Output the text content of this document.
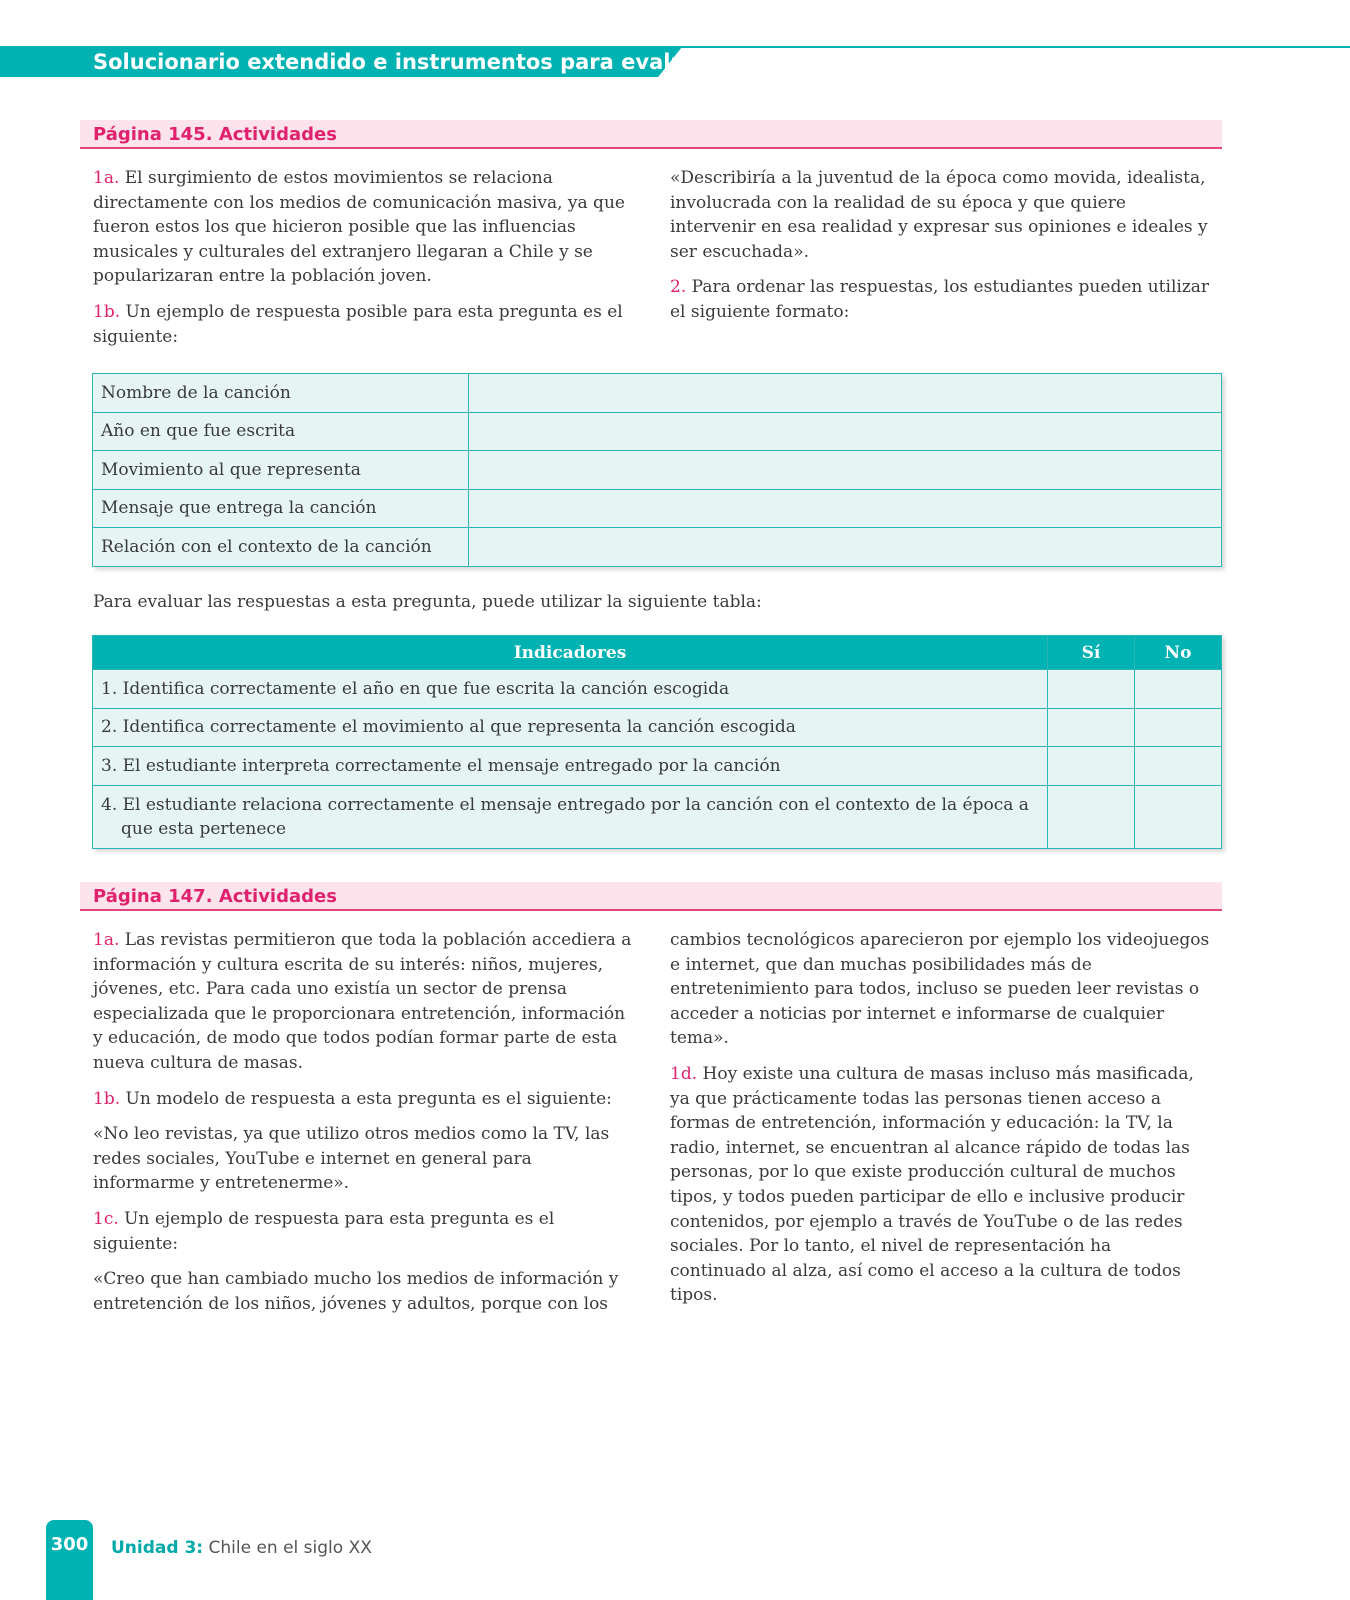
Solucionario extendido e instrumentos para evaluar
Página 145. Actividades

1a. El surgimiento de estos movimientos se relaciona directamente con los medios de comunicación masiva, ya que fueron estos los que hicieron posible que las influencias musicales y culturales del extranjero llegaran a Chile y se popularizaran entre la población joven.

1b. Un ejemplo de respuesta posible para esta pregunta es el siguiente:

«Describiría a la juventud de la época como movida, idealista, involucrada con la realidad de su época y que quiere intervenir en esa realidad y expresar sus opiniones e ideales y ser escuchada».

2. Para ordenar las respuestas, los estudiantes pueden utilizar el siguiente formato:

Nombre de la canción	
Año en que fue escrita	
Movimiento al que representa	
Mensaje que entrega la canción	
Relación con el contexto de la canción	
Para evaluar las respuestas a esta pregunta, puede utilizar la siguiente tabla:
Indicadores	Sí	No

1. Identifica correctamente el año en que fue escrita la canción escogida		

2. Identifica correctamente el movimiento al que representa la canción escogida		

3. El estudiante interpreta correctamente el mensaje entregado por la canción		

4. El estudiante relaciona correctamente el mensaje entregado por la canción con el contexto de la época a que esta pertenece		

Página 147. Actividades

1a. Las revistas permitieron que toda la población accediera a información y cultura escrita de su interés: niños, mujeres, jóvenes, etc. Para cada uno existía un sector de prensa especializada que le proporcionara entretención, información y educación, de modo que todos podían formar parte de esta nueva cultura de masas.

1b. Un modelo de respuesta a esta pregunta es el siguiente:

«No leo revistas, ya que utilizo otros medios como la TV, las redes sociales, YouTube e internet en general para informarme y entretenerme».

1c. Un ejemplo de respuesta para esta pregunta es el siguiente:

«Creo que han cambiado mucho los medios de información y entretención de los niños, jóvenes y adultos, porque con los

cambios tecnológicos aparecieron por ejemplo los videojuegos e internet, que dan muchas posibilidades más de entretenimiento para todos, incluso se pueden leer revistas o acceder a noticias por internet e informarse de cualquier tema».

1d. Hoy existe una cultura de masas incluso más masificada, ya que prácticamente todas las personas tienen acceso a formas de entretención, información y educación: la TV, la radio, internet, se encuentran al alcance rápido de todas las personas, por lo que existe producción cultural de muchos tipos, y todos pueden participar de ello e inclusive producir contenidos, por ejemplo a través de YouTube o de las redes sociales. Por lo tanto, el nivel de representación ha continuado al alza, así como el acceso a la cultura de todos tipos.

300 Unidad 3: Chile en el siglo XX
